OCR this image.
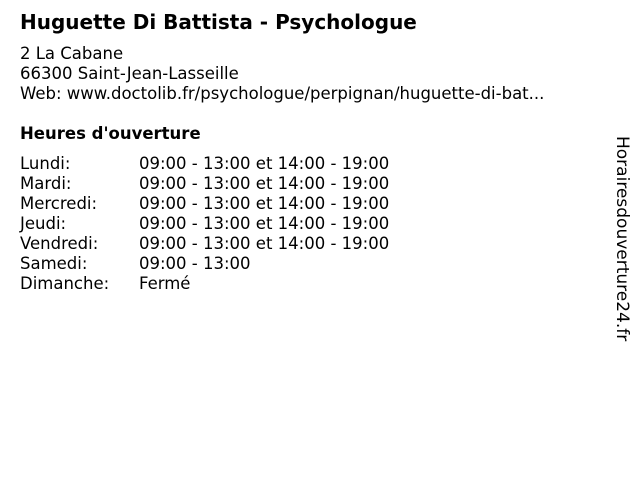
Huguette Di Battista - Psychologue
2 La Cabane
66300 Saint-Jean-Lasseille
Web: www.doctolib.fr/psychologue/perpignan/huguette-di-bat...
Heures d'ouverture
Lundi:	09:00 - 13:00 et 14:00 - 19:00
Mardi:	09:00 - 13:00 et 14:00 - 19:00
Mercredi:	09:00 - 13:00 et 14:00 - 19:00
Jeudi:	09:00 - 13:00 et 14:00 - 19:00
Vendredi:	09:00 - 13:00 et 14:00 - 19:00
Samedi:	09:00 - 13:00
Dimanche:	Fermé	Horairesdouverture24.fr
